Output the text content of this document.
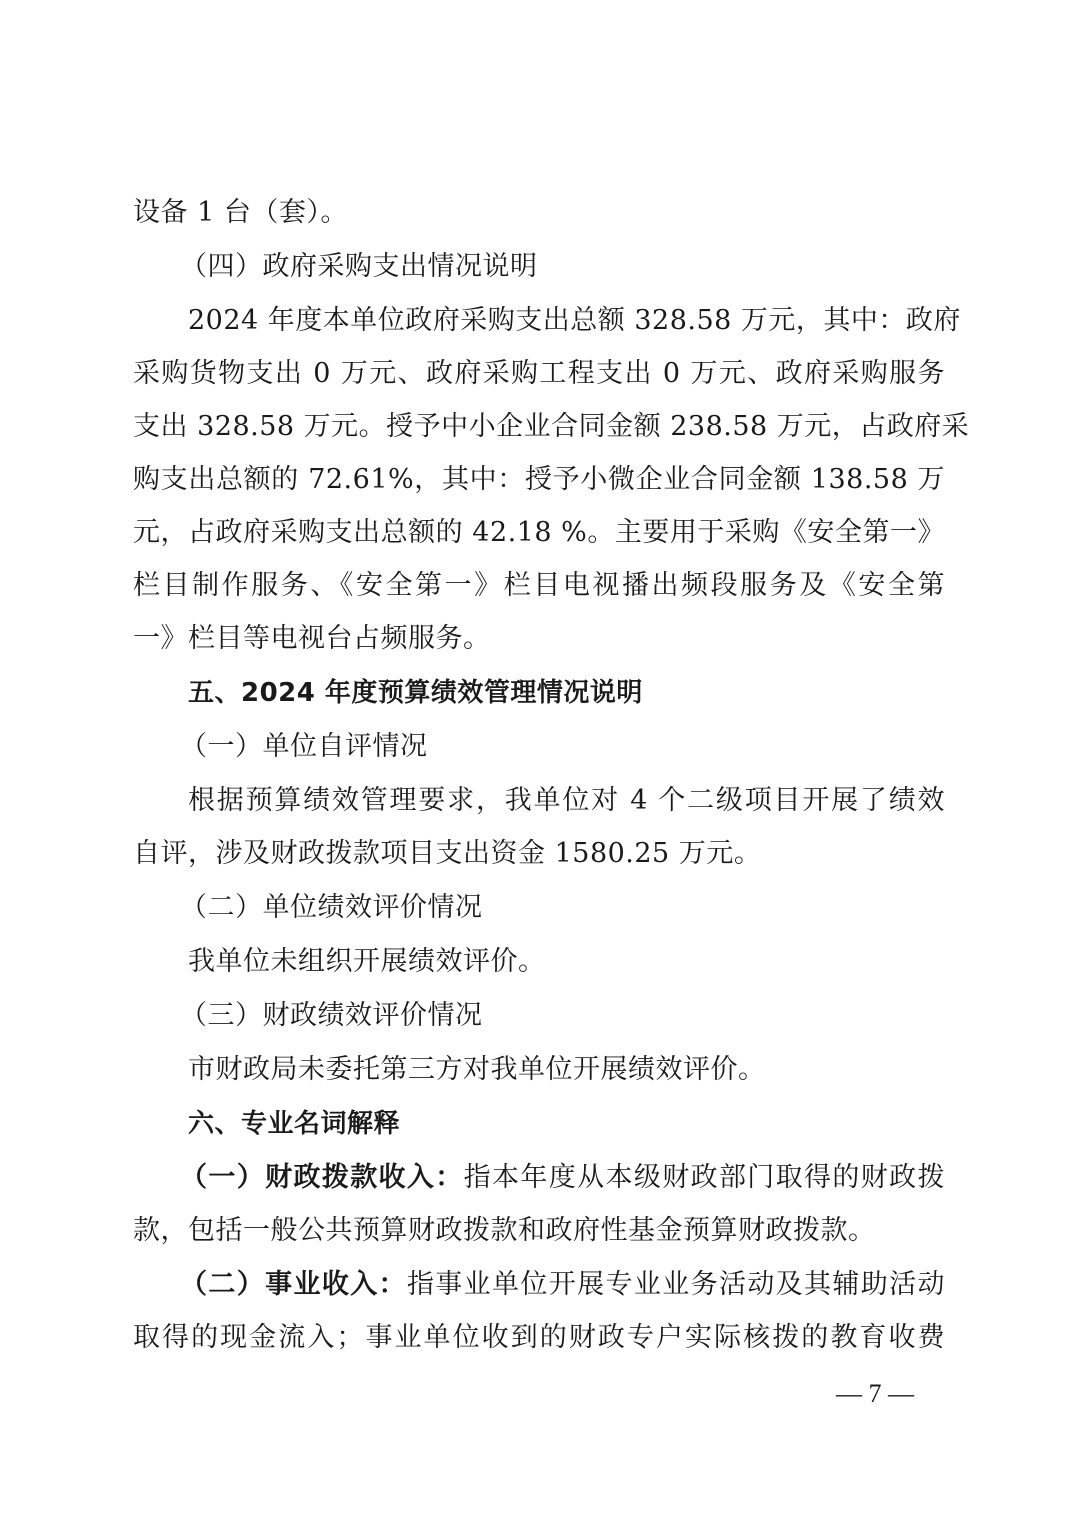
设备 1 台（套）。
（四）政府采购支出情况说明
2024 年度本单位政府采购支出总额 328.58 万元，其中：政府
采购货物支出 0 万元、政府采购工程支出 0 万元、政府采购服务
支出 328.58 万元。授予中小企业合同金额 238.58 万元，占政府采
购支出总额的 72.61%，其中：授予小微企业合同金额 138.58 万
元，占政府采购支出总额的 42.18 %。主要用于采购《安全第一》
栏目制作服务、《安全第一》栏目电视播出频段服务及《安全第
一》栏目等电视台占频服务。
五、2024 年度预算绩效管理情况说明
（一）单位自评情况
根据预算绩效管理要求，我单位对 4 个二级项目开展了绩效
自评，涉及财政拨款项目支出资金 1580.25 万元。
（二）单位绩效评价情况
我单位未组织开展绩效评价。
（三）财政绩效评价情况
市财政局未委托第三方对我单位开展绩效评价。
六、专业名词解释
（一）财政拨款收入：指本年度从本级财政部门取得的财政拨
款，包括一般公共预算财政拨款和政府性基金预算财政拨款。
（二）事业收入：指事业单位开展专业业务活动及其辅助活动
取得的现金流入；事业单位收到的财政专户实际核拨的教育收费
— 7 —
